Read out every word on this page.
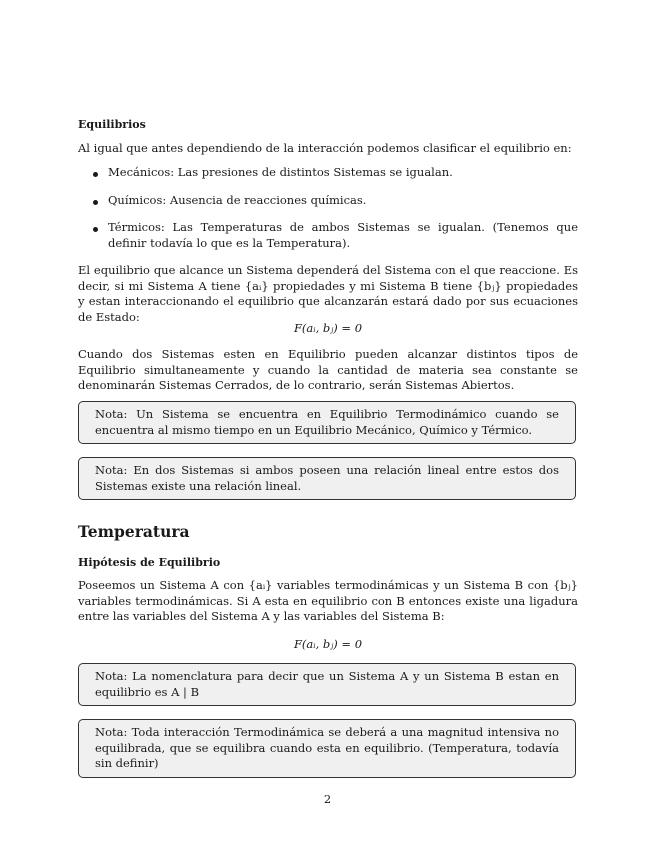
Equilibrios
Al igual que antes dependiendo de la interacción podemos clasificar el equilibrio en:
Mecánicos: Las presiones de distintos Sistemas se igualan.
Químicos: Ausencia de reacciones químicas.
Térmicos: Las Temperaturas de ambos Sistemas se igualan. (Tenemos que definir todavía lo que es la Temperatura).
El equilibrio que alcance un Sistema dependerá del Sistema con el que reaccione. Es decir, si mi Sistema A tiene {aᵢ} propiedades y mi Sistema B tiene {bⱼ} propiedades y estan interaccionando el equilibrio que alcanzarán estará dado por sus ecuaciones de Estado:
F(aᵢ, bⱼ) = 0
Cuando dos Sistemas esten en Equilibrio pueden alcanzar distintos tipos de Equilibrio simultaneamente y cuando la cantidad de materia sea constante se denominarán Sistemas Cerrados, de lo contrario, serán Sistemas Abiertos.
Nota: Un Sistema se encuentra en Equilibrio Termodinámico cuando se encuentra al mismo tiempo en un Equilibrio Mecánico, Químico y Térmico.
Nota: En dos Sistemas si ambos poseen una relación lineal entre estos dos Sistemas existe una relación lineal.
Temperatura
Hipótesis de Equilibrio
Poseemos un Sistema A con {aᵢ} variables termodinámicas y un Sistema B con {bⱼ} variables termodinámicas. Si A esta en equilibrio con B entonces existe una ligadura entre las variables del Sistema A y las variables del Sistema B:
F(aᵢ, bⱼ) = 0
Nota: La nomenclatura para decir que un Sistema A y un Sistema B estan en equilibrio es A | B
Nota: Toda interacción Termodinámica se deberá a una magnitud intensiva no equilibrada, que se equilibra cuando esta en equilibrio. (Temperatura, todavía sin definir)
2
